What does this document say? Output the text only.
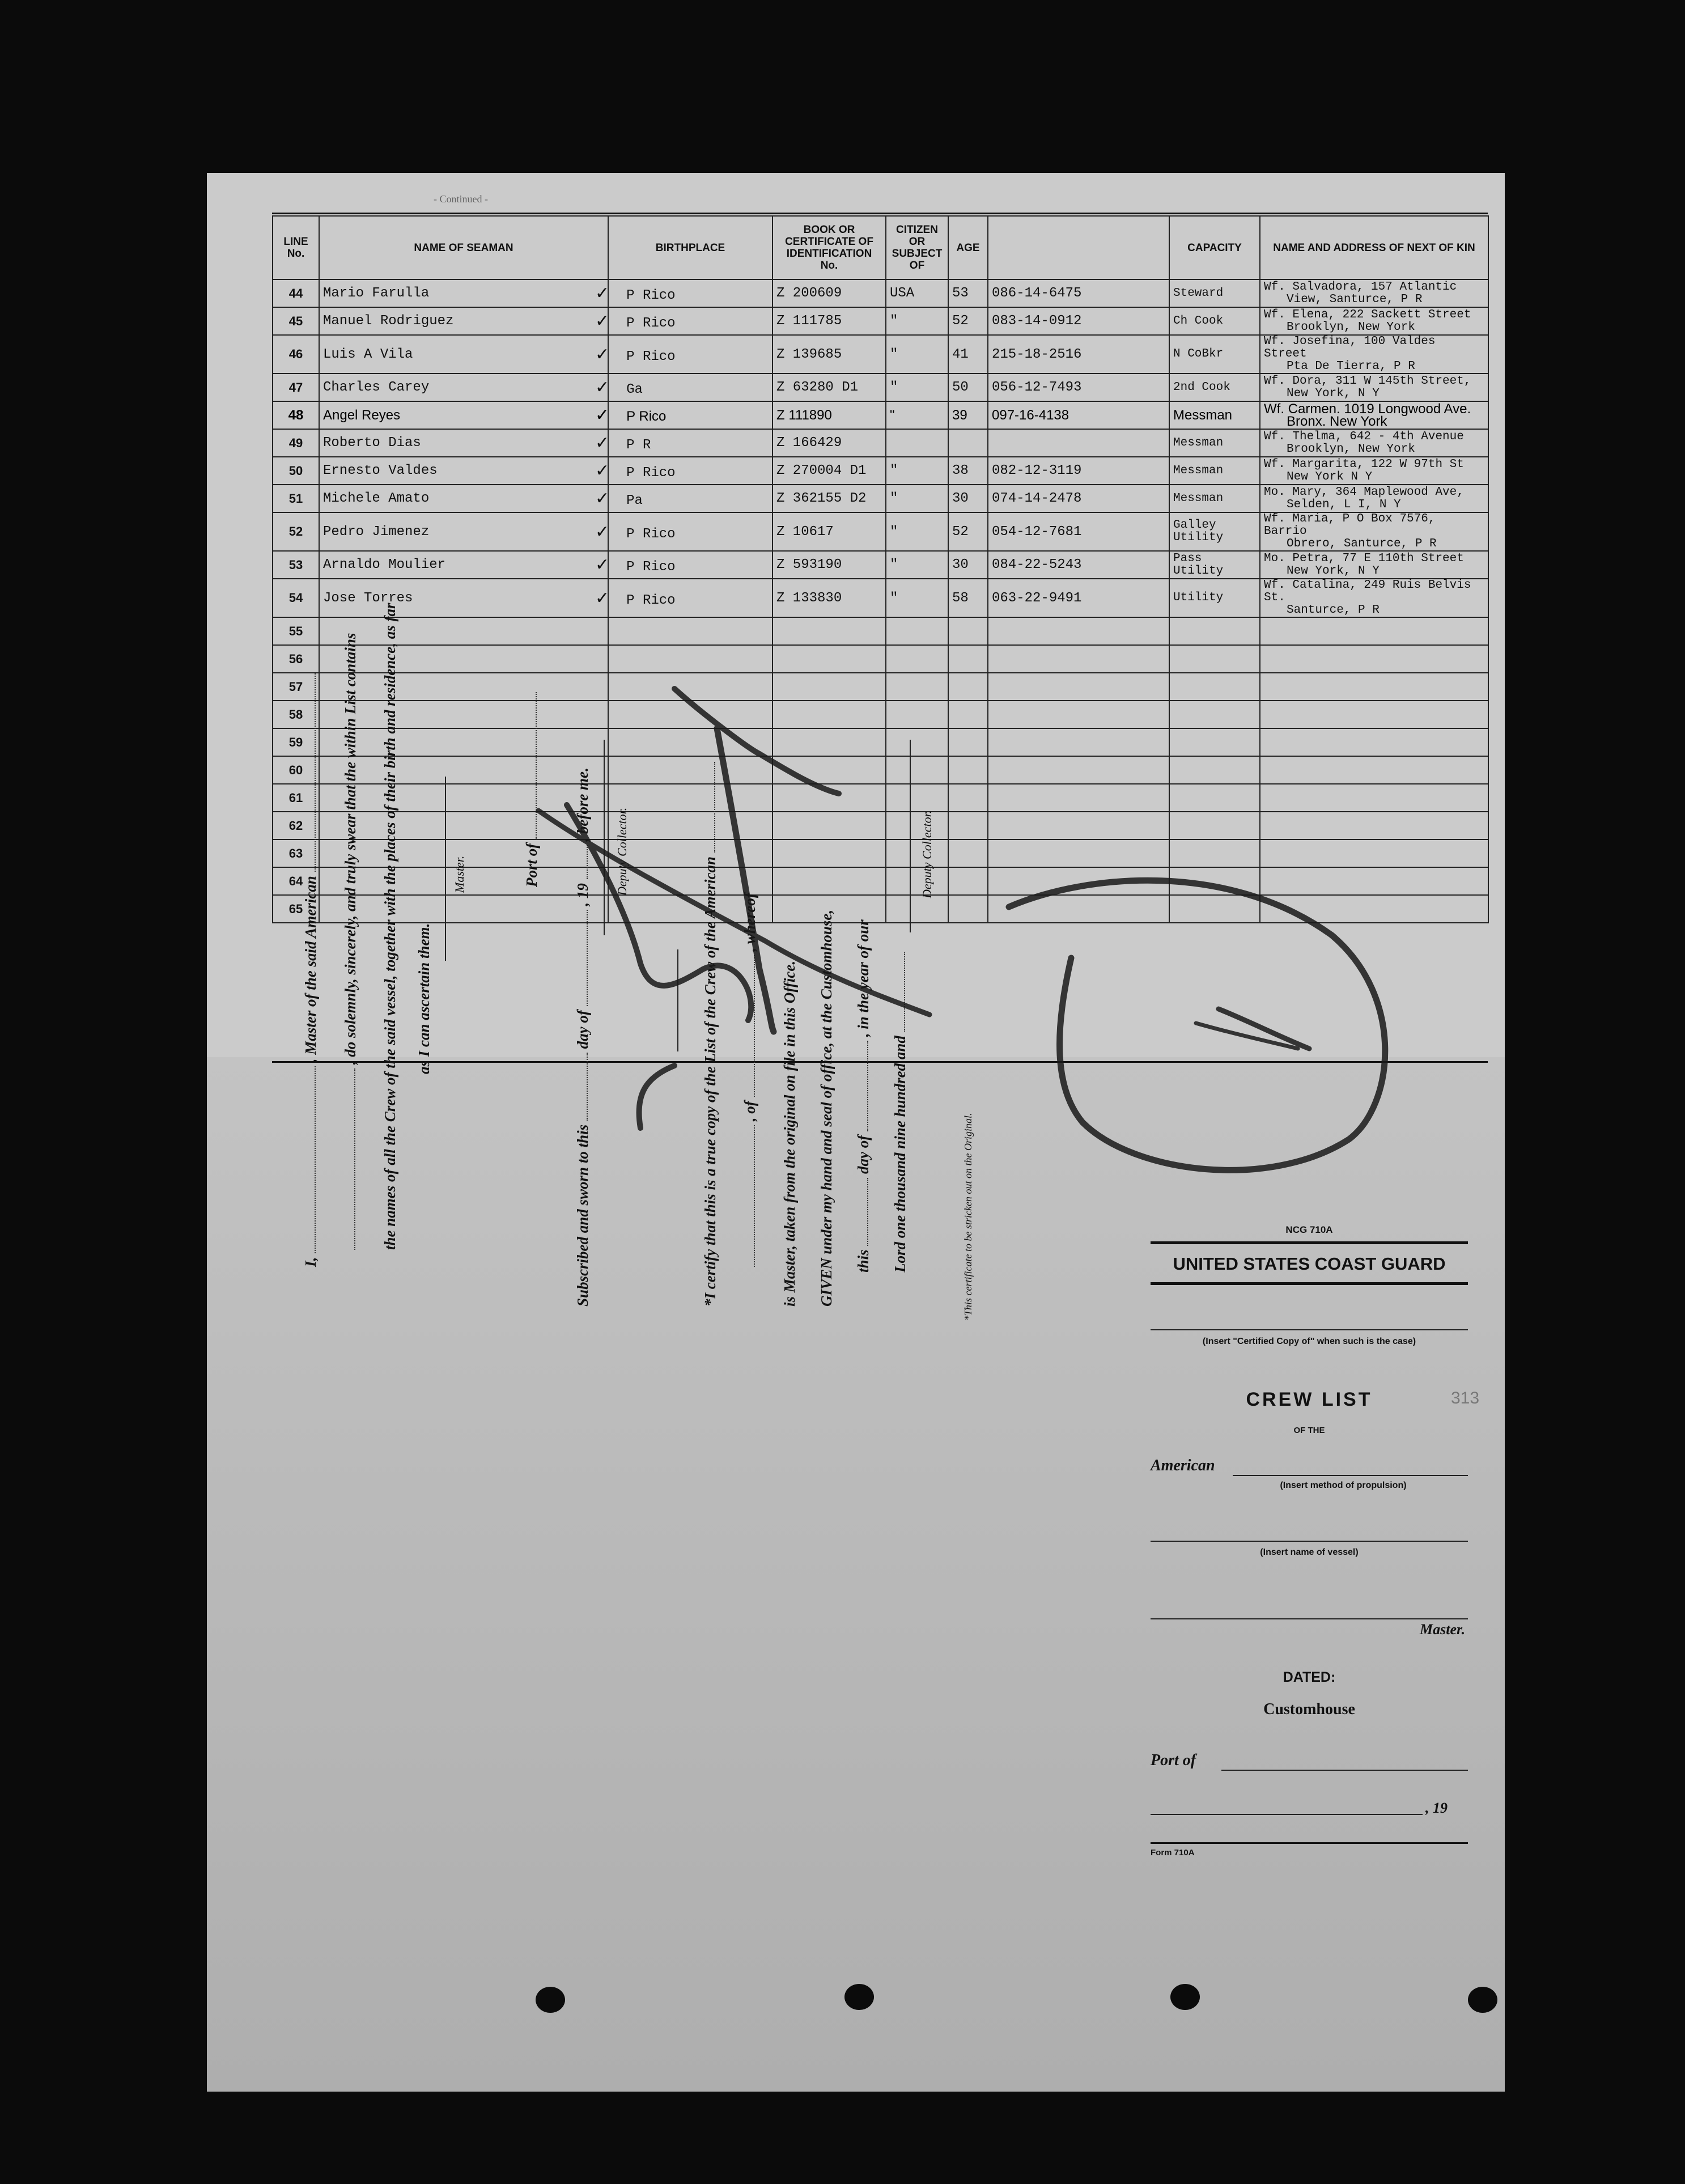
- Continued -
LINE No.	NAME OF SEAMAN	BIRTHPLACE	BOOK OR CERTIFICATE OF IDENTIFICATION No.	CITIZEN OR SUBJECT OF	AGE		CAPACITY	NAME AND ADDRESS OF NEXT OF KIN
44	Mario Farulla	✓ P Rico	Z 200609	USA	53	086-14-6475	Steward	Wf. Salvadora, 157 Atlantic
View, Santurce, P R

45	Manuel Rodriguez	✓ P Rico	Z 111785	"	52	083-14-0912	Ch Cook	Wf. Elena, 222 Sackett Street
Brooklyn, New York

46	Luis A Vila	✓ P Rico	Z 139685	"	41	215-18-2516	N CoBkr	Wf. Josefina, 100 Valdes Street
Pta De Tierra, P R

47	Charles Carey	✓ Ga	Z 63280 D1	"	50	056-12-7493	2nd Cook	Wf. Dora, 311 W 145th Street,
New York, N Y

48	Angel Reyes	✓ P Rico	Z 111890	"	39	097-16-4138	Messman	Wf. Carmen. 1019 Longwood Ave.
Bronx. New York

49	Roberto Dias	✓ P R	Z 166429				Messman	Wf. Thelma, 642 - 4th Avenue
Brooklyn, New York

50	Ernesto Valdes	✓ P Rico	Z 270004 D1	"	38	082-12-3119	Messman	Wf. Margarita, 122 W 97th St
New York N Y

51	Michele Amato	✓ Pa	Z 362155 D2	"	30	074-14-2478	Messman	Mo. Mary, 364 Maplewood Ave,
Selden, L I, N Y

52	Pedro Jimenez	✓ P Rico	Z 10617	"	52	054-12-7681	Galley Utility	Wf. Maria, P O Box 7576, Barrio
Obrero, Santurce, P R

53	Arnaldo Moulier	✓ P Rico	Z 593190	"	30	084-22-5243	Pass Utility	Mo. Petra, 77 E 110th Street
New York, N Y

54	Jose Torres	✓ P Rico	Z 133830	"	58	063-22-9491	Utility	Wf. Catalina, 249 Ruis Belvis St.
Santurce, P R

55								
56								
57								
58								
59								
60								
61								
62								
63								
64								
65								
I,  , Master of the said American , do solemnly, sincerely, and truly swear that the within List contains the names of all the Crew of the said vessel, together with the places of their birth and residence, as far as I can ascertain them.
Master.	Port of
Subscribed and sworn to this  day of  , 19  , before me.
Deputy Collector.
*I certify that this is a true copy of the List of the Crew of the American , of  , whereof
is Master, taken from the original on file in this Office. GIVEN under my hand and seal of office, at the Customhouse, this  day of  , in the year of our
Lord one thousand nine hundred and
Deputy Collector.
*This certificate to be stricken out on the Original.	NCG 710A
UNITED STATES COAST GUARD
(Insert "Certified Copy of" when such is the case)
CREW LIST	313
OF THE
American
(Insert method of propulsion)
(Insert name of vessel)
Master.
DATED:
Customhouse
Port of
, 19
Form 710A
